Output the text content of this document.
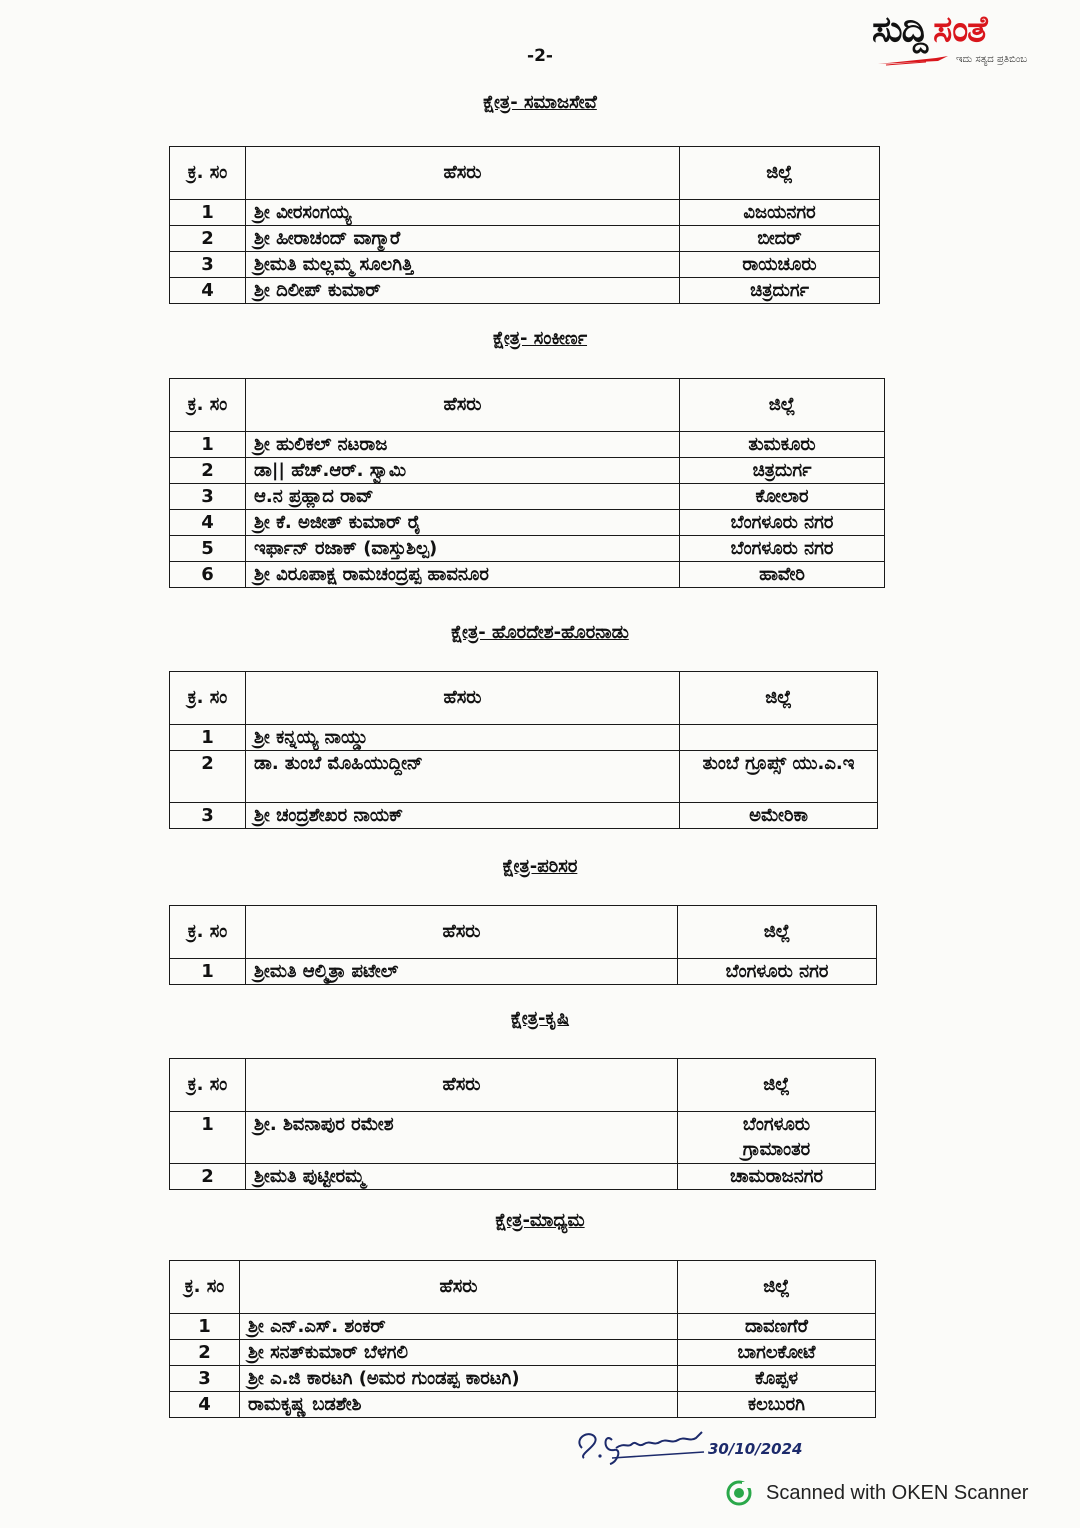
-2-
ಸುದ್ದಿ ಸಂತೆ
ಇದು ಸತ್ಯದ ಪ್ರತಿಬಿಂಬ
ಕ್ಷೇತ್ರ- ಸಮಾಜಸೇವೆ
ಕ್ರ. ಸಂ	ಹೆಸರು	ಜಿಲ್ಲೆ
1	ಶ್ರೀ ವೀರಸಂಗಯ್ಯ	ವಿಜಯನಗರ
2	ಶ್ರೀ ಹೀರಾಚಂದ್ ವಾಗ್ಮಾರೆ	ಬೀದರ್
3	ಶ್ರೀಮತಿ ಮಲ್ಲಮ್ಮ ಸೂಲಗಿತ್ತಿ	ರಾಯಚೂರು
4	ಶ್ರೀ ದಿಲೀಪ್ ಕುಮಾರ್	ಚಿತ್ರದುರ್ಗ
ಕ್ಷೇತ್ರ- ಸಂಕೀರ್ಣ
ಕ್ರ. ಸಂ	ಹೆಸರು	ಜಿಲ್ಲೆ
1	ಶ್ರೀ ಹುಲಿಕಲ್ ನಟರಾಜ	ತುಮಕೂರು
2	ಡಾ|| ಹೆಚ್.ಆರ್. ಸ್ವಾಮಿ	ಚಿತ್ರದುರ್ಗ
3	ಆ.ನ ಪ್ರಹ್ಲಾದ ರಾವ್	ಕೋಲಾರ
4	ಶ್ರೀ ಕೆ. ಅಜೀತ್ ಕುಮಾರ್ ರೈ	ಬೆಂಗಳೂರು ನಗರ
5	ಇರ್ಫಾನ್ ರಜಾಕ್ (ವಾಸ್ತುಶಿಲ್ಪ)	ಬೆಂಗಳೂರು ನಗರ
6	ಶ್ರೀ ವಿರೂಪಾಕ್ಷ ರಾಮಚಂದ್ರಪ್ಪ ಹಾವನೂರ	ಹಾವೇರಿ
ಕ್ಷೇತ್ರ- ಹೊರದೇಶ-ಹೊರನಾಡು
ಕ್ರ. ಸಂ	ಹೆಸರು	ಜಿಲ್ಲೆ
1	ಶ್ರೀ ಕನ್ನಯ್ಯ ನಾಯ್ಡು	
2	ಡಾ. ತುಂಬೆ ಮೊಹಿಯುದ್ದೀನ್	ತುಂಬೆ ಗ್ರೂಪ್ಸ್ ಯು.ಎ.ಇ
3	ಶ್ರೀ ಚಂದ್ರಶೇಖರ ನಾಯಕ್	ಅಮೇರಿಕಾ
ಕ್ಷೇತ್ರ-ಪರಿಸರ
ಕ್ರ. ಸಂ	ಹೆಸರು	ಜಿಲ್ಲೆ
1	ಶ್ರೀಮತಿ ಆಲ್ಮಿತ್ರಾ ಪಟೇಲ್	ಬೆಂಗಳೂರು ನಗರ
ಕ್ಷೇತ್ರ-ಕೃಷಿ
ಕ್ರ. ಸಂ	ಹೆಸರು	ಜಿಲ್ಲೆ
1	ಶ್ರೀ. ಶಿವನಾಪುರ ರಮೇಶ	ಬೆಂಗಳೂರು ಗ್ರಾಮಾಂತರ
2	ಶ್ರೀಮತಿ ಪುಟ್ಟೀರಮ್ಮ	ಚಾಮರಾಜನಗರ
ಕ್ಷೇತ್ರ-ಮಾಧ್ಯಮ
ಕ್ರ. ಸಂ	ಹೆಸರು	ಜಿಲ್ಲೆ
1	ಶ್ರೀ ಎನ್.ಎಸ್. ಶಂಕರ್	ದಾವಣಗೆರೆ
2	ಶ್ರೀ ಸನತ್‌ಕುಮಾರ್ ಬೆಳಗಲಿ	ಬಾಗಲಕೋಟೆ
3	ಶ್ರೀ ಎ.ಜಿ ಕಾರಟಗಿ (ಅಮರ ಗುಂಡಪ್ಪ ಕಾರಟಗಿ)	ಕೊಪ್ಪಳ
4	ರಾಮಕೃಷ್ಣ ಬಡಶೇಶಿ	ಕಲಬುರಗಿ
30/10/2024
Scanned with OKEN Scanner
